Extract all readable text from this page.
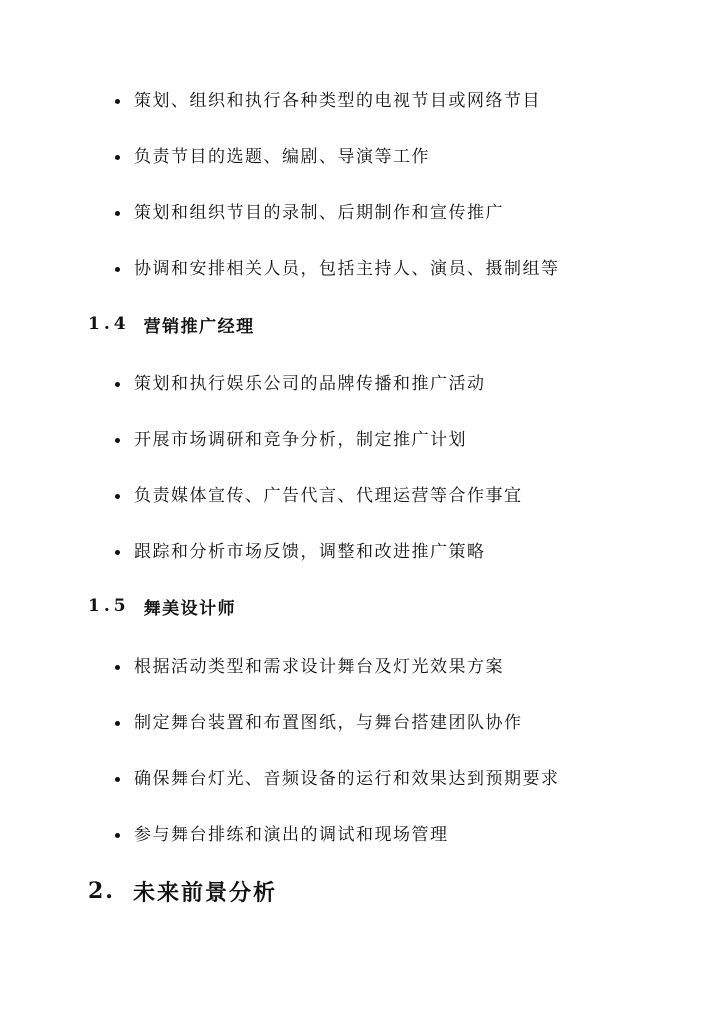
策划、组织和执行各种类型的电视节目或网络节目
负责节目的选题、编剧、导演等工作
策划和组织节目的录制、后期制作和宣传推广
协调和安排相关人员，包括主持人、演员、摄制组等
1.4 营销推广经理
策划和执行娱乐公司的品牌传播和推广活动
开展市场调研和竞争分析，制定推广计划
负责媒体宣传、广告代言、代理运营等合作事宜
跟踪和分析市场反馈，调整和改进推广策略
1.5 舞美设计师
根据活动类型和需求设计舞台及灯光效果方案
制定舞台装置和布置图纸，与舞台搭建团队协作
确保舞台灯光、音频设备的运行和效果达到预期要求
参与舞台排练和演出的调试和现场管理
2. 未来前景分析
